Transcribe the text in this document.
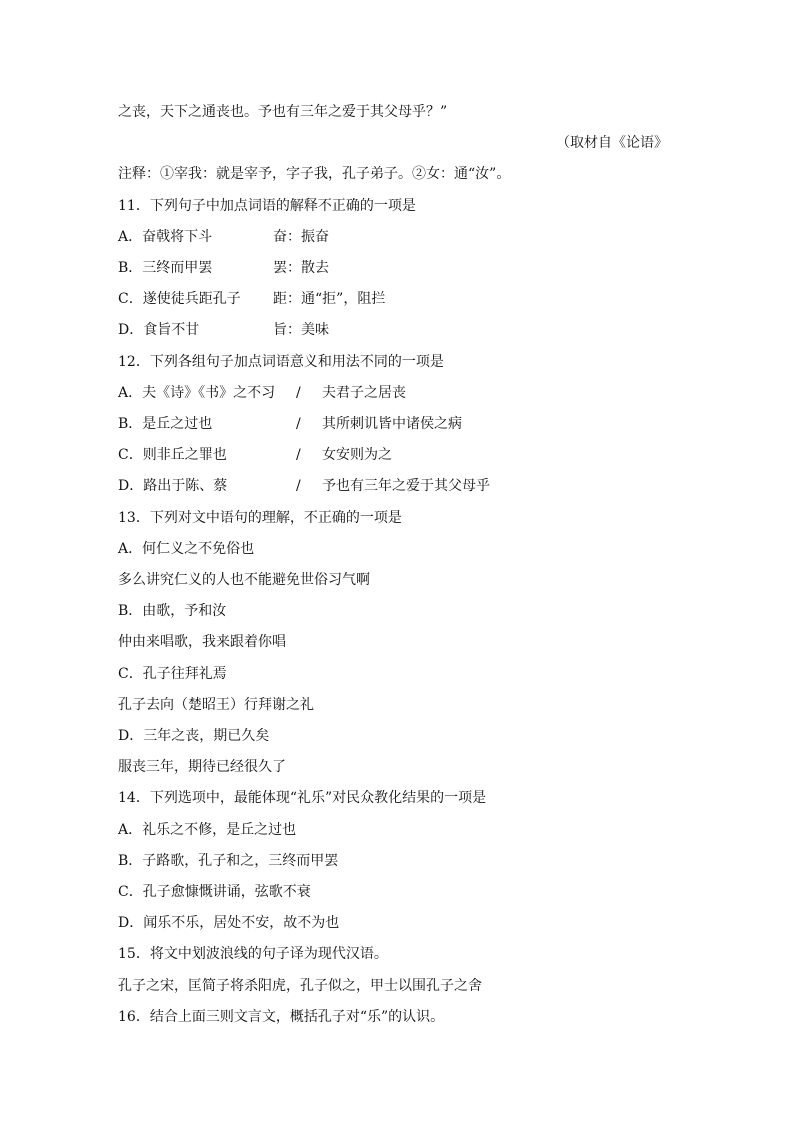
之丧，天下之通丧也。予也有三年之爱于其父母乎？”
（取材自《论语》
注释：①宰我：就是宰予，字子我，孔子弟子。②女：通“汝”。
11．下列句子中加点词语的解释不正确的一项是
A．奋戟将下斗	奋：振奋
B．三终而甲罢	罢：散去
C．遂使徒兵距孔子 距：通“拒”，阻拦
D．食旨不甘	旨：美味
12．下列各组句子加点词语意义和用法不同的一项是
A．夫《诗》《书》之不习 / 夫君子之居丧
B．是丘之过也	/ 其所刺讥皆中诸侯之病
C．则非丘之罪也	/ 女安则为之
D．路出于陈、蔡	/ 予也有三年之爱于其父母乎
13．下列对文中语句的理解，不正确的一项是
A．何仁义之不免俗也
多么讲究仁义的人也不能避免世俗习气啊
B．由歌，予和汝
仲由来唱歌，我来跟着你唱
C．孔子往拜礼焉
孔子去向（楚昭王）行拜谢之礼
D．三年之丧，期已久矣
服丧三年，期待已经很久了
14．下列选项中，最能体现“礼乐”对民众教化结果的一项是
A．礼乐之不修，是丘之过也
B．子路歌，孔子和之，三终而甲罢
C．孔子愈慷慨讲诵，弦歌不衰
D．闻乐不乐，居处不安，故不为也
15．将文中划波浪线的句子译为现代汉语。
孔子之宋，匡简子将杀阳虎，孔子似之，甲士以围孔子之舍
16．结合上面三则文言文，概括孔子对“乐”的认识。
